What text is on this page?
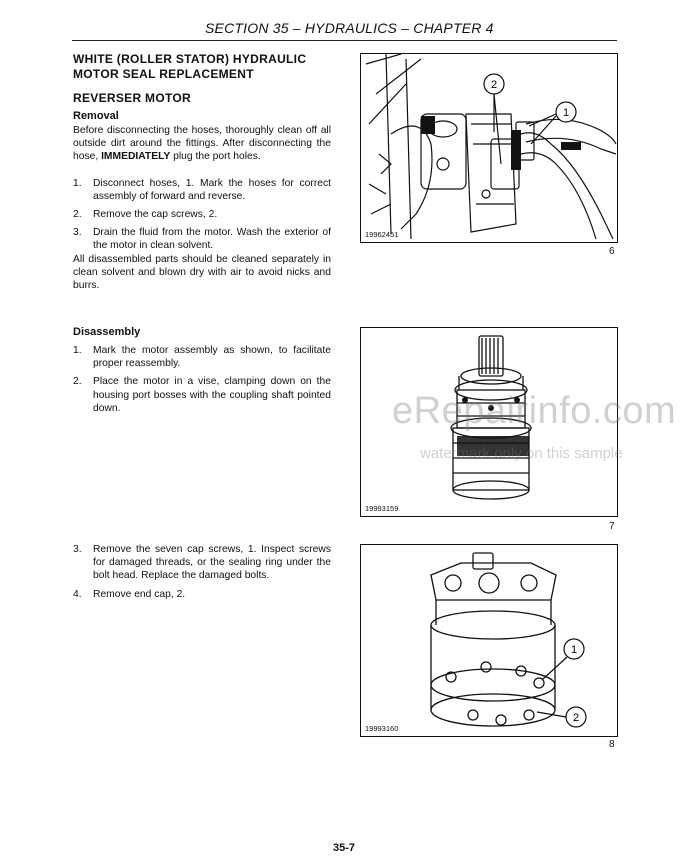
SECTION 35 – HYDRAULICS – CHAPTER 4
WHITE (ROLLER STATOR) HYDRAULIC
MOTOR SEAL REPLACEMENT
REVERSER MOTOR
Removal
Before disconnecting the hoses, thoroughly clean off all outside dirt around the fittings. After disconnecting the hose, IMMEDIATELY plug the port holes.
1.	Disconnect hoses, 1. Mark the hoses for correct assembly of forward and reverse.
2.	Remove the cap screws, 2.
3.	Drain the fluid from the motor. Wash the exterior of the motor in clean solvent.
All disassembled parts should be cleaned separately in clean solvent and blown dry with air to avoid nicks and burrs.
Disassembly
1.	Mark the motor assembly as shown, to facilitate proper reassembly.
2.	Place the motor in a vise, clamping down on the housing port bosses with the coupling shaft pointed down.
3.	Remove the seven cap screws, 1. Inspect screws for damaged threads, or the sealing ring under the bolt head. Replace the damaged bolts.
4.	Remove end cap, 2.
2
1
19962451
6
19993159
7
1
2
19993160
8
eRepairinfo.com
watermark only on this sample
35-7
